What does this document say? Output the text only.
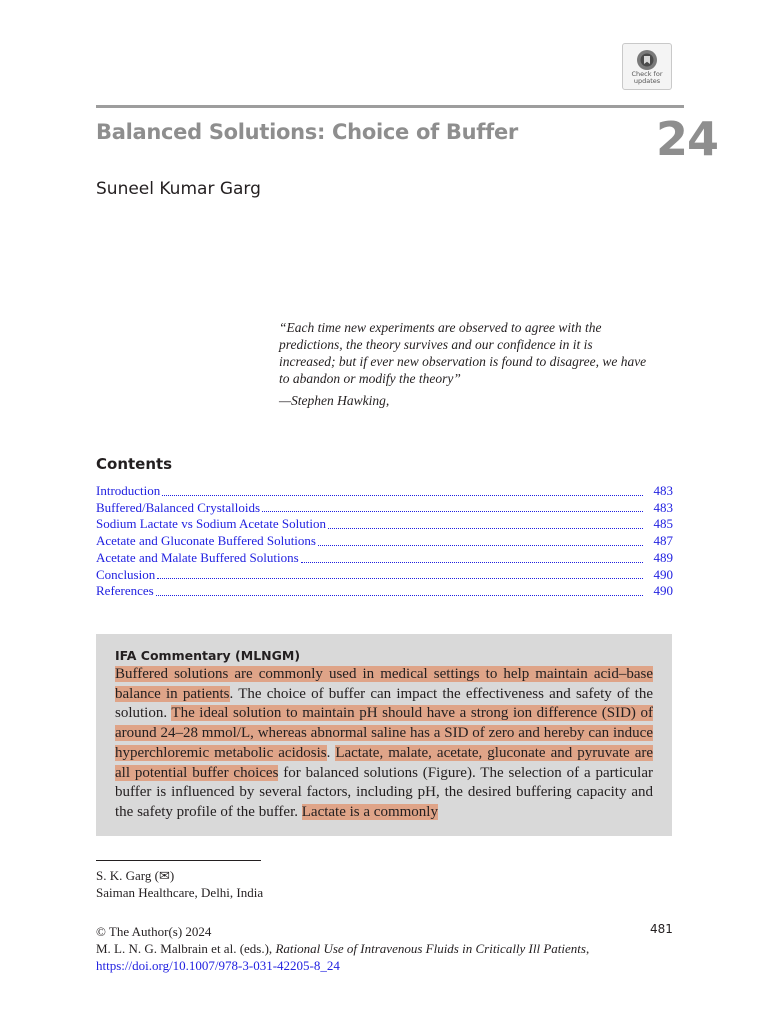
Check for
updates
Balanced Solutions: Choice of Buffer	24
Suneel Kumar Garg
“Each time new experiments are observed to agree with the predictions, the theory survives and our confidence in it is increased; but if ever new observation is found to disagree, we have to abandon or modify the theory”
—Stephen Hawking,
Contents
Introduction	483
Buffered/Balanced Crystalloids	483
Sodium Lactate vs Sodium Acetate Solution	485
Acetate and Gluconate Buffered Solutions	487
Acetate and Malate Buffered Solutions	489
Conclusion	490
References	490
IFA Commentary (MLNGM)

Buffered solutions are commonly used in medical settings to help maintain acid–base balance in patients. The choice of buffer can impact the effectiveness and safety of the solution. The ideal solution to maintain pH should have a strong ion difference (SID) of around 24–28 mmol/L, whereas abnormal saline has a SID of zero and hereby can induce hyperchloremic metabolic acidosis. Lactate, malate, acetate, gluconate and pyruvate are all potential buffer choices for balanced solutions (Figure). The selection of a particular buffer is influenced by several factors, including pH, the desired buffering capacity and the safety profile of the buffer. Lactate is a commonly

S. K. Garg (✉)
Saiman Healthcare, Delhi, India
© The Author(s) 2024
M. L. N. G. Malbrain et al. (eds.), Rational Use of Intravenous Fluids in Critically Ill Patients, https://doi.org/10.1007/978-3-031-42205-8_24
481
